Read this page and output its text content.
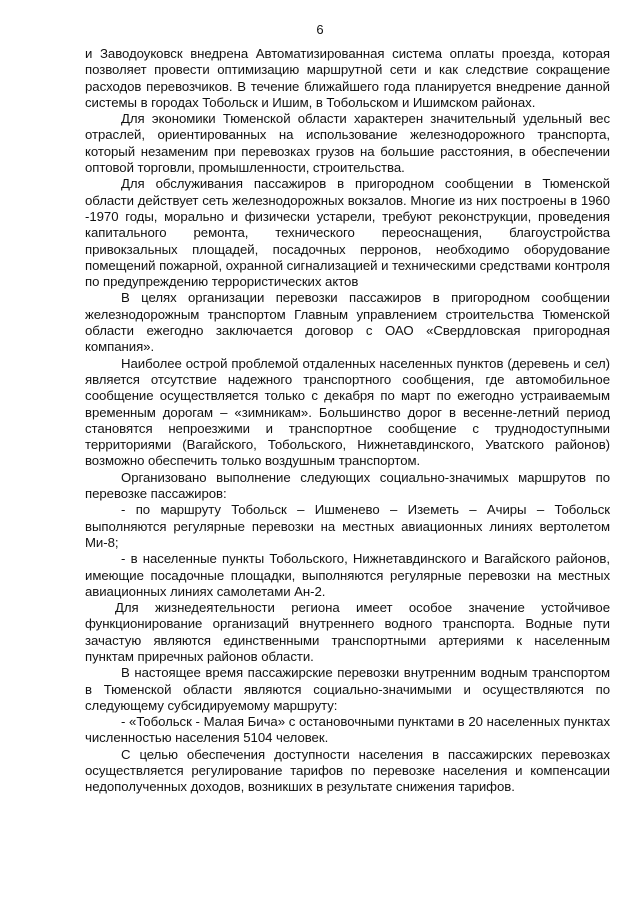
6

и Заводоуковск внедрена Автоматизированная система оплаты проезда, которая позволяет провести оптимизацию маршрутной сети и как следствие сокращение расходов перевозчиков. В течение ближайшего года планируется внедрение данной системы в городах Тобольск и Ишим, в Тобольском и Ишимском районах.

Для экономики Тюменской области характерен значительный удельный вес отраслей, ориентированных на использование железнодорожного транспорта, который незаменим при перевозках грузов на большие расстояния, в обеспечении оптовой торговли, промышленности, строительства.

Для обслуживания пассажиров в пригородном сообщении в Тюменской области действует сеть железнодорожных вокзалов. Многие из них построены в 1960 -1970 годы, морально и физически устарели, требуют реконструкции, проведения капитального ремонта, технического переоснащения, благоустройства привокзальных площадей, посадочных перронов, необходимо оборудование помещений пожарной, охранной сигнализацией и техническими средствами контроля по предупреждению террористических актов

В целях организации перевозки пассажиров в пригородном сообщении железнодорожным транспортом Главным управлением строительства Тюменской области ежегодно заключается договор с ОАО «Свердловская пригородная компания».

Наиболее острой проблемой отдаленных населенных пунктов (деревень и сел) является отсутствие надежного транспортного сообщения, где автомобильное сообщение осуществляется только с декабря по март по ежегодно устраиваемым временным дорогам – «зимникам». Большинство дорог в весенне-летний период становятся непроезжими и транспортное сообщение с труднодоступными территориями (Вагайского, Тобольского, Нижнетавдинского, Уватского районов) возможно обеспечить только воздушным транспортом.

Организовано выполнение следующих социально-значимых маршрутов по перевозке пассажиров:

- по маршруту Тобольск – Ишменево – Иземеть – Ачиры – Тобольск выполняются регулярные перевозки на местных авиационных линиях вертолетом Ми-8;

- в населенные пункты Тобольского, Нижнетавдинского и Вагайского районов, имеющие посадочные площадки, выполняются регулярные перевозки на местных авиационных линиях самолетами Ан-2.

Для жизнедеятельности региона имеет особое значение устойчивое функционирование организаций внутреннего водного транспорта. Водные пути зачастую являются единственными транспортными артериями к населенным пунктам приречных районов области.

В настоящее время пассажирские перевозки внутренним водным транспортом в Тюменской области являются социально-значимыми и осуществляются по следующему субсидируемому маршруту:

- «Тобольск - Малая Бича» с остановочными пунктами в 20 населенных пунктах численностью населения 5104 человек.

С целью обеспечения доступности населения в пассажирских перевозках осуществляется регулирование тарифов по перевозке населения и компенсации недополученных доходов, возникших в результате снижения тарифов.
